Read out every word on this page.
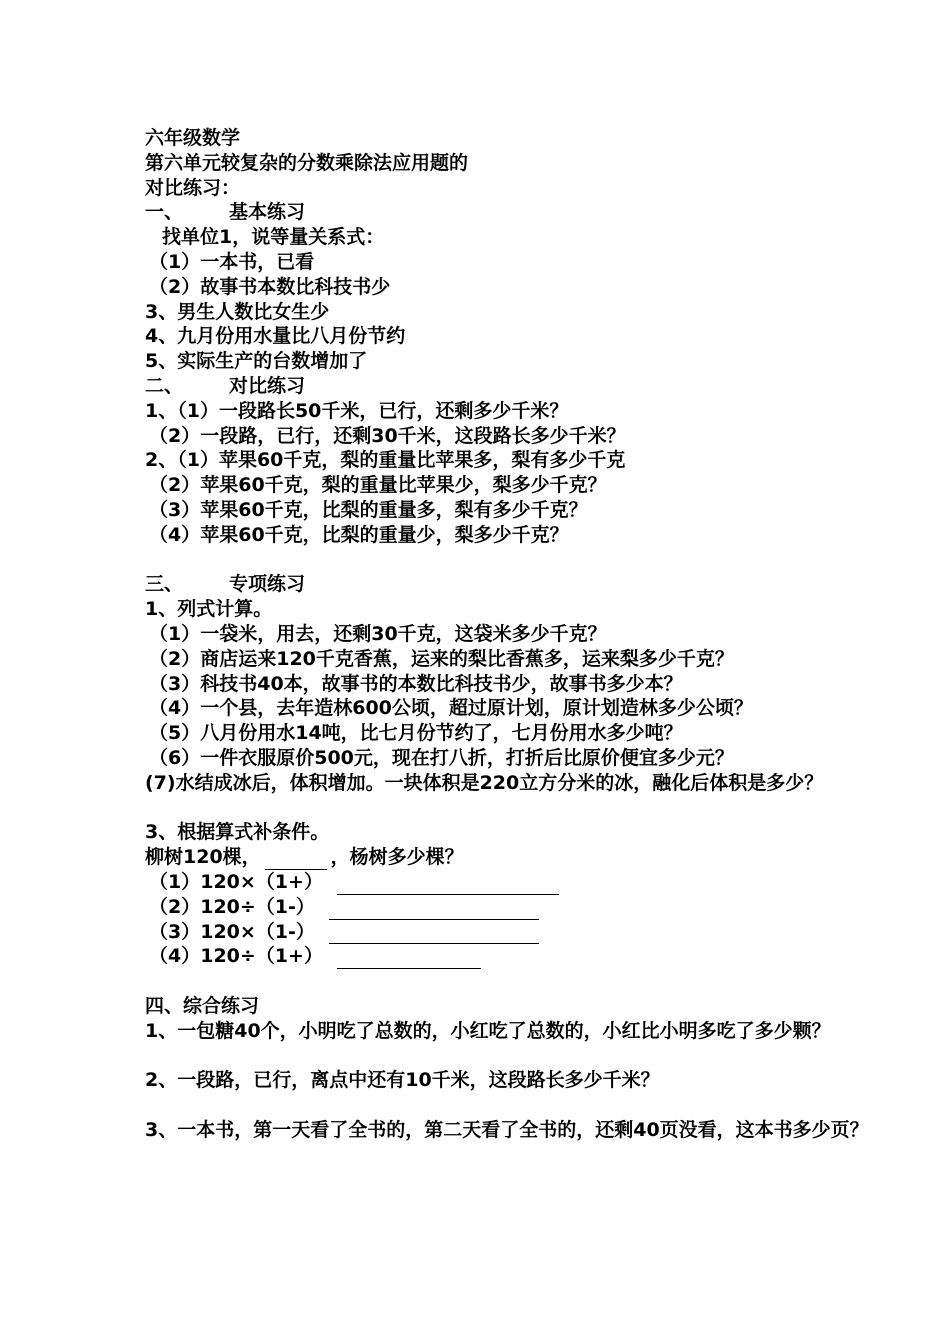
六年级数学
第六单元较复杂的分数乘除法应用题的
对比练习：
一、 基本练习
找单位1，说等量关系式：
（1）一本书，已看
（2）故事书本数比科技书少
3、男生人数比女生少
4、九月份用水量比八月份节约
5、实际生产的台数增加了
二、 对比练习
1、（1）一段路长50千米，已行，还剩多少千米？
（2）一段路，已行，还剩30千米，这段路长多少千米？
2、（1）苹果60千克，梨的重量比苹果多，梨有多少千克
（2）苹果60千克，梨的重量比苹果少，梨多少千克？
（3）苹果60千克，比梨的重量多，梨有多少千克？
（4）苹果60千克，比梨的重量少，梨多少千克？
三、 专项练习
1、列式计算。
（1）一袋米，用去，还剩30千克，这袋米多少千克？
（2）商店运来120千克香蕉，运来的梨比香蕉多，运来梨多少千克？
（3）科技书40本，故事书的本数比科技书少，故事书多少本？
（4）一个县，去年造林600公顷，超过原计划，原计划造林多少公顷？
（5）八月份用水14吨，比七月份节约了，七月份用水多少吨？
（6）一件衣服原价500元，现在打八折，打折后比原价便宜多少元？
(7)水结成冰后，体积增加。一块体积是220立方分米的冰，融化后体积是多少？
3、根据算式补条件。
柳树120棵，	，杨树多少棵？
（1）120×（1+）
（2）120÷（1-）
（3）120×（1-）
（4）120÷（1+）
四、综合练习
1、一包糖40个，小明吃了总数的，小红吃了总数的，小红比小明多吃了多少颗？
2、一段路，已行，离点中还有10千米，这段路长多少千米？
3、一本书，第一天看了全书的，第二天看了全书的，还剩40页没看，这本书多少页？
